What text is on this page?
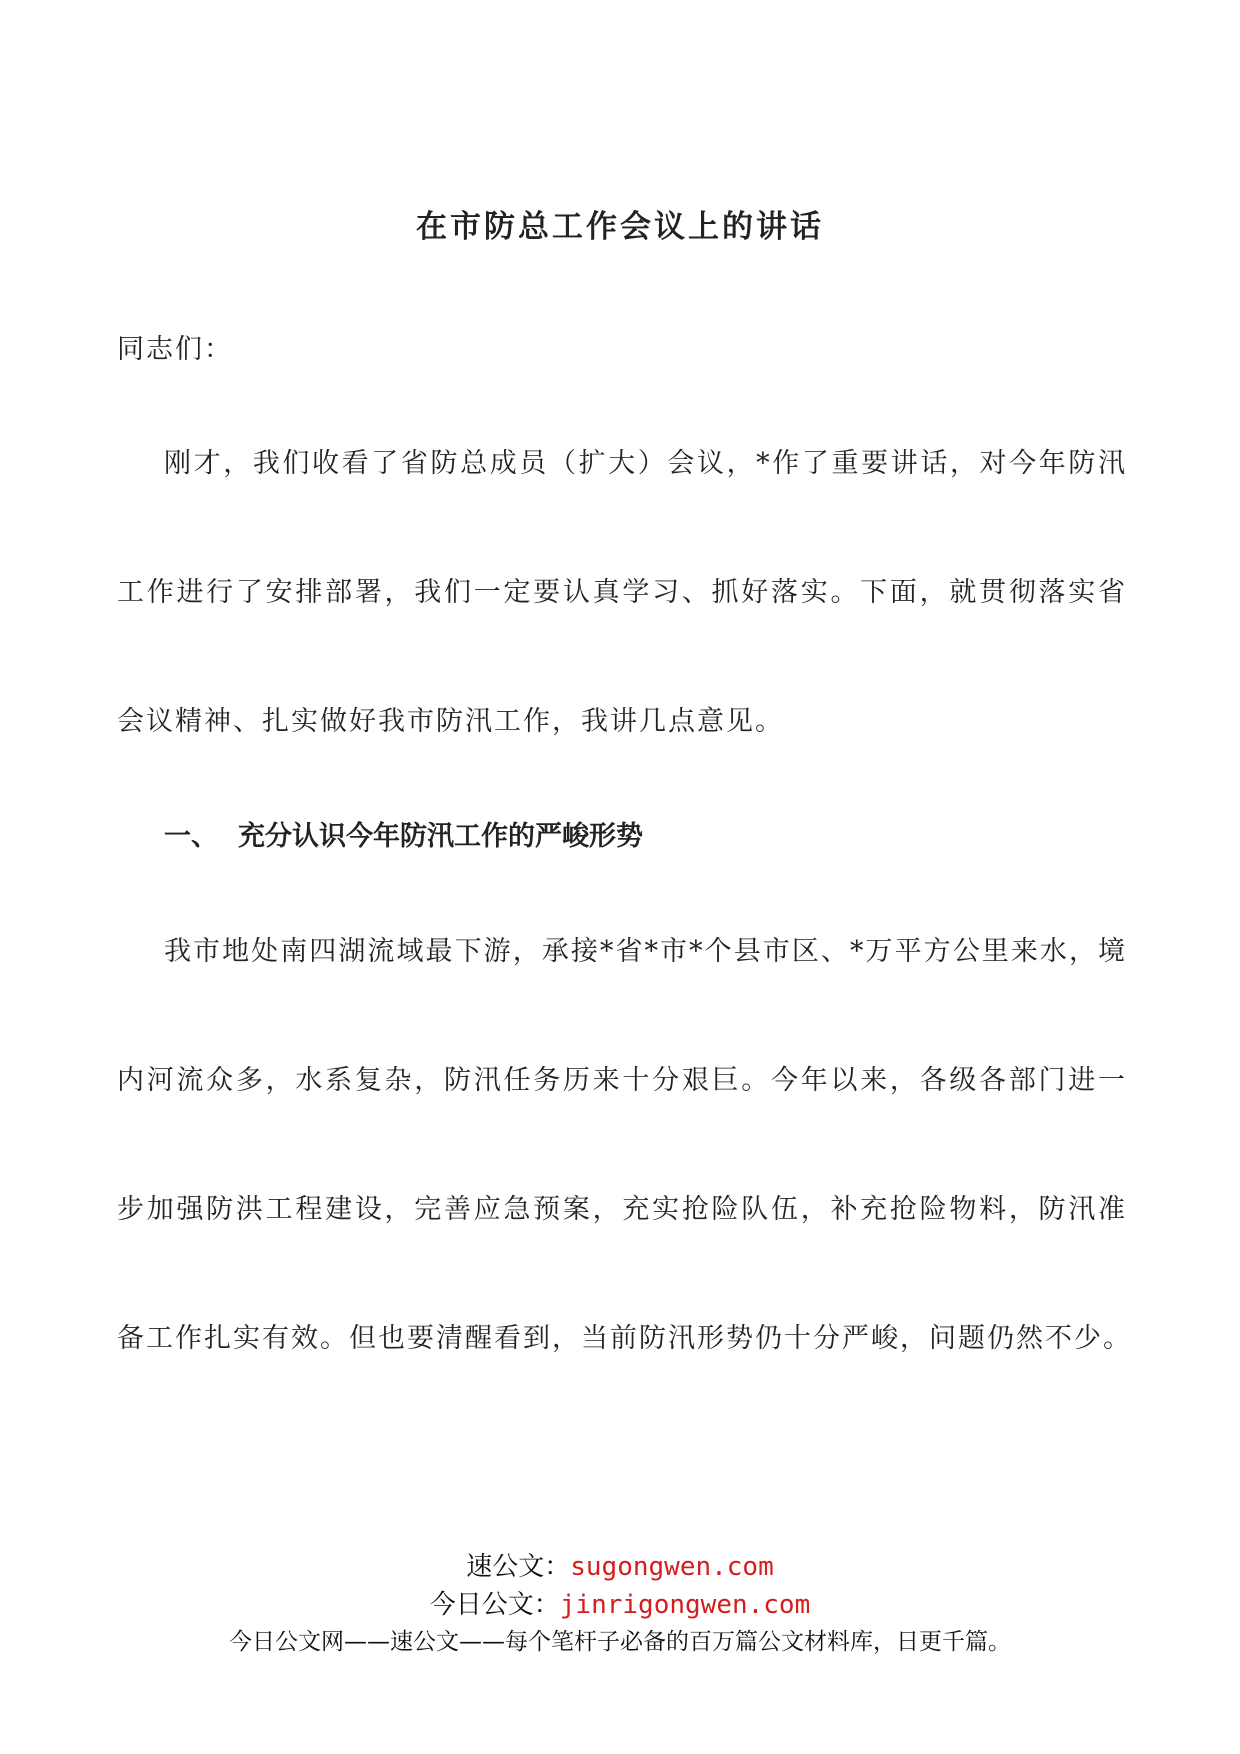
在市防总工作会议上的讲话
同志们：
刚才，我们收看了省防总成员（扩大）会议，*作了重要讲话，对今年防汛
工作进行了安排部署，我们一定要认真学习、抓好落实。下面，就贯彻落实省
会议精神、扎实做好我市防汛工作，我讲几点意见。
一、 充分认识今年防汛工作的严峻形势
我市地处南四湖流域最下游，承接*省*市*个县市区、*万平方公里来水，境
内河流众多，水系复杂，防汛任务历来十分艰巨。今年以来，各级各部门进一
步加强防洪工程建设，完善应急预案，充实抢险队伍，补充抢险物料，防汛准
备工作扎实有效。但也要清醒看到，当前防汛形势仍十分严峻，问题仍然不少。
速公文：sugongwen.com
今日公文：jinrigongwen.com
今日公文网——速公文——每个笔杆子必备的百万篇公文材料库，日更千篇。
